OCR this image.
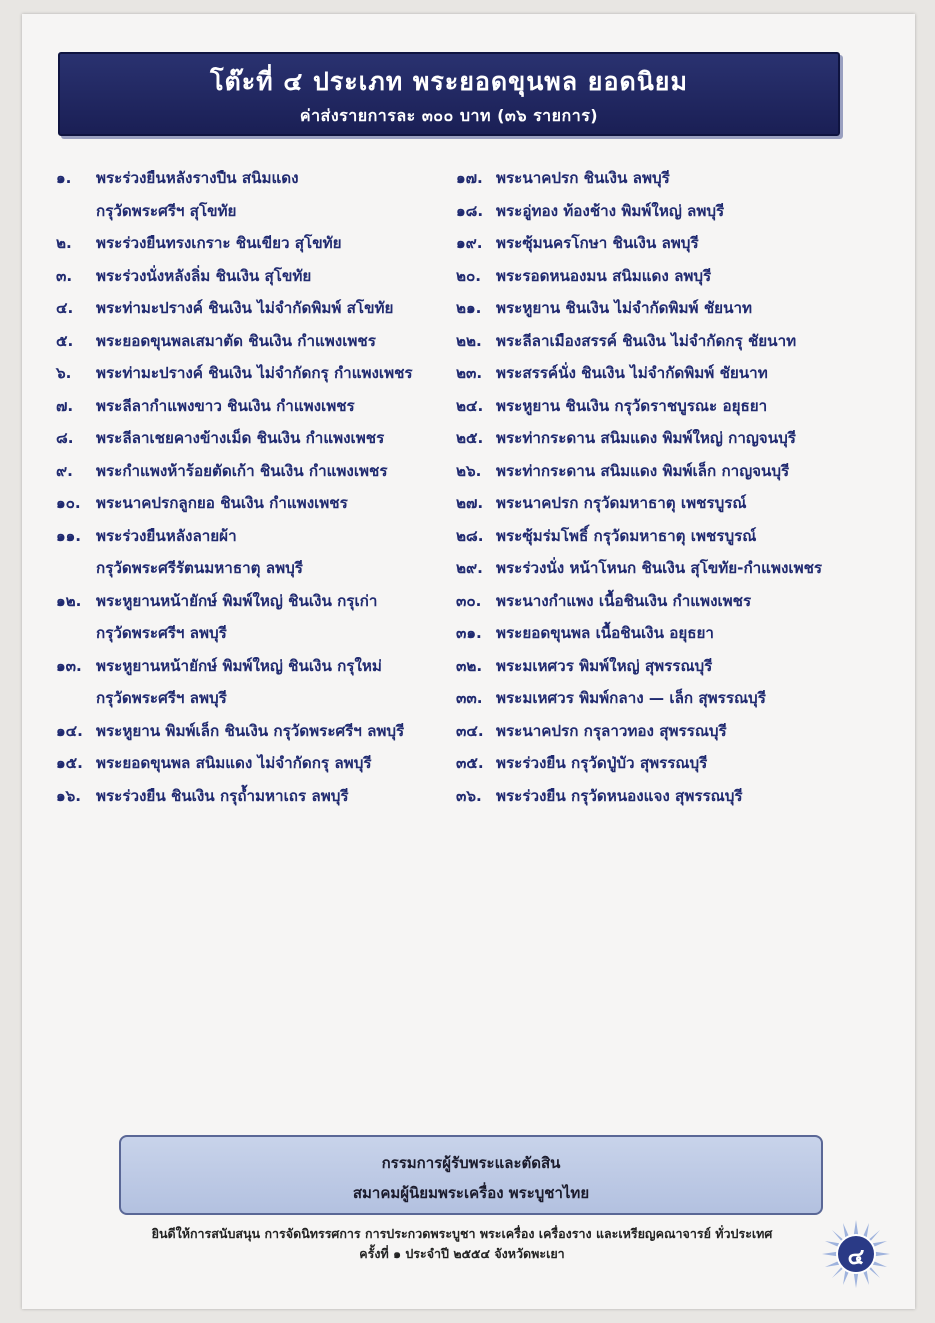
โต๊ะที่ ๔ ประเภท พระยอดขุนพล ยอดนิยม
ค่าส่งรายการละ ๓๐๐ บาท (๓๖ รายการ)
๑.	พระร่วงยืนหลังรางปืน สนิมแดง
กรุวัดพระศรีฯ สุโขทัย
๒.	พระร่วงยืนทรงเกราะ ชินเขียว สุโขทัย
๓.	พระร่วงนั่งหลังลิ่ม ชินเงิน สุโขทัย
๔.	พระท่ามะปรางค์ ชินเงิน ไม่จำกัดพิมพ์ สโขทัย
๕.	พระยอดขุนพลเสมาตัด ชินเงิน กำแพงเพชร
๖.	พระท่ามะปรางค์ ชินเงิน ไม่จำกัดกรุ กำแพงเพชร
๗.	พระลีลากำแพงขาว ชินเงิน กำแพงเพชร
๘.	พระลีลาเชยคางข้างเม็ด ชินเงิน กำแพงเพชร
๙.	พระกำแพงห้าร้อยตัดเก้า ชินเงิน กำแพงเพชร
๑๐.	พระนาคปรกลูกยอ ชินเงิน กำแพงเพชร
๑๑. พระร่วงยืนหลังลายผ้า
กรุวัดพระศรีรัตนมหาธาตุ ลพบุรี
๑๒. พระหูยานหน้ายักษ์ พิมพ์ใหญ่ ชินเงิน กรุเก่า
กรุวัดพระศรีฯ ลพบุรี
๑๓. พระหูยานหน้ายักษ์ พิมพ์ใหญ่ ชินเงิน กรุใหม่
กรุวัดพระศรีฯ ลพบุรี
๑๔. พระหูยาน พิมพ์เล็ก ชินเงิน กรุวัดพระศรีฯ ลพบุรี
๑๕. พระยอดขุนพล สนิมแดง ไม่จำกัดกรุ ลพบุรี
๑๖. พระร่วงยืน ชินเงิน กรุถ้ำมหาเถร ลพบุรี
๑๗. พระนาคปรก ชินเงิน ลพบุรี
๑๘. พระอู่ทอง ท้องช้าง พิมพ์ใหญ่ ลพบุรี
๑๙. พระซุ้มนครโกษา ชินเงิน ลพบุรี
๒๐. พระรอดหนองมน สนิมแดง ลพบุรี
๒๑. พระหูยาน ชินเงิน ไม่จำกัดพิมพ์ ชัยนาท
๒๒. พระลีลาเมืองสรรค์ ชินเงิน ไม่จำกัดกรุ ชัยนาท
๒๓. พระสรรค์นั่ง ชินเงิน ไม่จำกัดพิมพ์ ชัยนาท
๒๔. พระหูยาน ชินเงิน กรุวัดราชบูรณะ อยุธยา
๒๕. พระท่ากระดาน สนิมแดง พิมพ์ใหญ่ กาญจนบุรี
๒๖. พระท่ากระดาน สนิมแดง พิมพ์เล็ก กาญจนบุรี
๒๗. พระนาคปรก กรุวัดมหาธาตุ เพชรบูรณ์
๒๘. พระซุ้มร่มโพธิ์ กรุวัดมหาธาตุ เพชรบูรณ์
๒๙. พระร่วงนั่ง หน้าโหนก ชินเงิน สุโขทัย-กำแพงเพชร
๓๐. พระนางกำแพง เนื้อชินเงิน กำแพงเพชร
๓๑. พระยอดขุนพล เนื้อชินเงิน อยุธยา
๓๒. พระมเหศวร พิมพ์ใหญ่ สุพรรณบุรี
๓๓. พระมเหศวร พิมพ์กลาง — เล็ก สุพรรณบุรี
๓๔. พระนาคปรก กรุลาวทอง สุพรรณบุรี
๓๕. พระร่วงยืน กรุวัดปู่บัว สุพรรณบุรี
๓๖. พระร่วงยืน กรุวัดหนองแจง สุพรรณบุรี
กรรมการผู้รับพระและตัดสิน
สมาคมผู้นิยมพระเครื่อง พระบูชาไทย
ยินดีให้การสนับสนุน การจัดนิทรรศการ การประกวดพระบูชา พระเครื่อง เครื่องราง และเหรียญคณาจารย์ ทั่วประเทศ
ครั้งที่ ๑ ประจำปี ๒๕๕๔ จังหวัดพะเยา	๔
